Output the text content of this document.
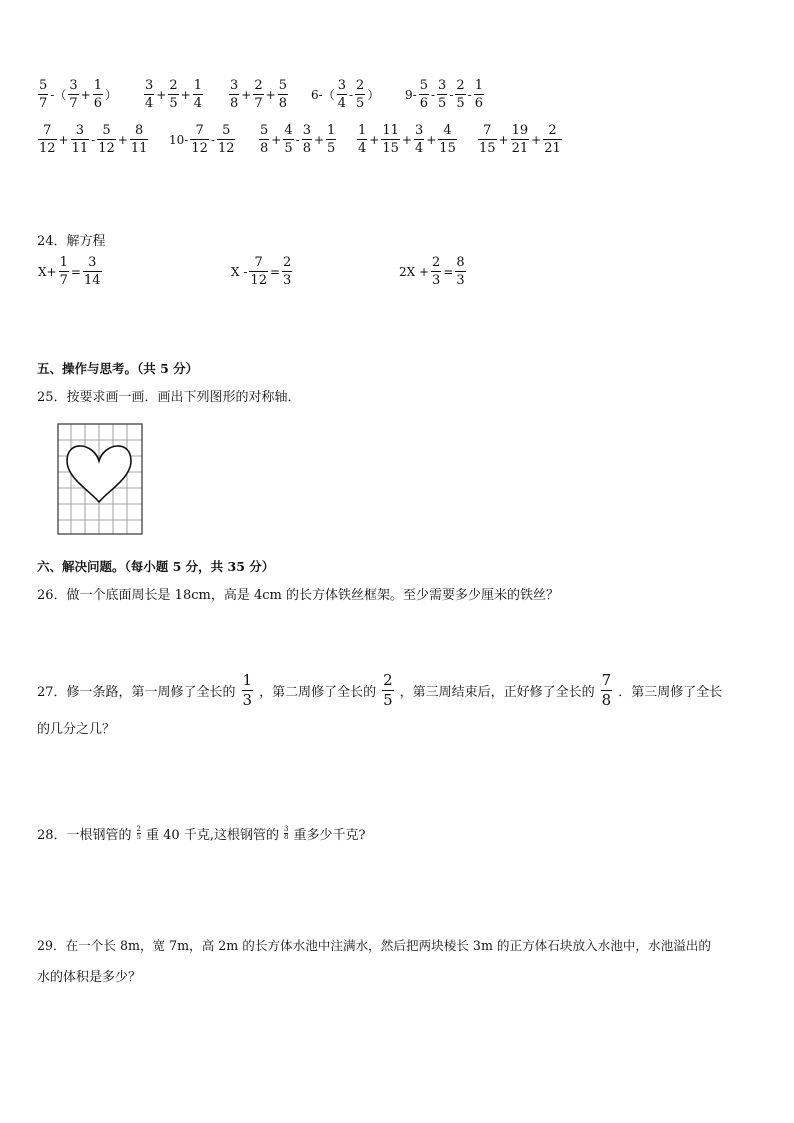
$\frac{5}{7}$ -（ $\frac{3}{7} + \frac{1}{6}$ ） $\frac{3}{4} + \frac{2}{5} + \frac{1}{4} \frac{3}{8} + \frac{2}{7} + \frac{5}{8} 6-( \frac{3}{4} - \frac{2}{5}$ ） $9- \frac{5}{6} - \frac{3}{5} - \frac{2}{5} - \frac{1}{6}$
$\frac{7}{12} + \frac{3}{11} - \frac{5}{12} + \frac{8}{11} 10- \frac{7}{12} - \frac{5}{12} \frac{5}{8} + \frac{4}{5} - \frac{3}{8} + \frac{1}{5} \frac{1}{4} + \frac{11}{15} + \frac{3}{4} + \frac{4}{15} \frac{7}{15} + \frac{19}{21} + \frac{2}{21}$
24．解方程
$X+ \frac{1}{7} = \frac{3}{14}$	$X - \frac{7}{12} = \frac{2}{3}$	$2X + \frac{2}{3} = \frac{8}{3}$
五、操作与思考。（共 5 分）
25．按要求画一画．画出下列图形的对称轴．
六、解决问题。（每小题 5 分，共 35 分）
26．做一个底面周长是 18cm，高是 4cm 的长方体铁丝框架。至少需要多少厘米的铁丝？
27．修一条路，第一周修了全长的 $\frac{1}{3}$ ，第二周修了全长的 $\frac{2}{5}$ ，第三周结束后，正好修了全长的 $\frac{7}{8}$ ．第三周修了全长
的几分之几？
28．一根钢管的 $\frac{2}{5}$ 重 40 千克,这根钢管的 $\frac{3}{8}$ 重多少千克?
29．在一个长 8m，宽 7m，高 2m 的长方体水池中注满水，然后把两块棱长 3m 的正方体石块放入水池中，水池溢出的
水的体积是多少？
